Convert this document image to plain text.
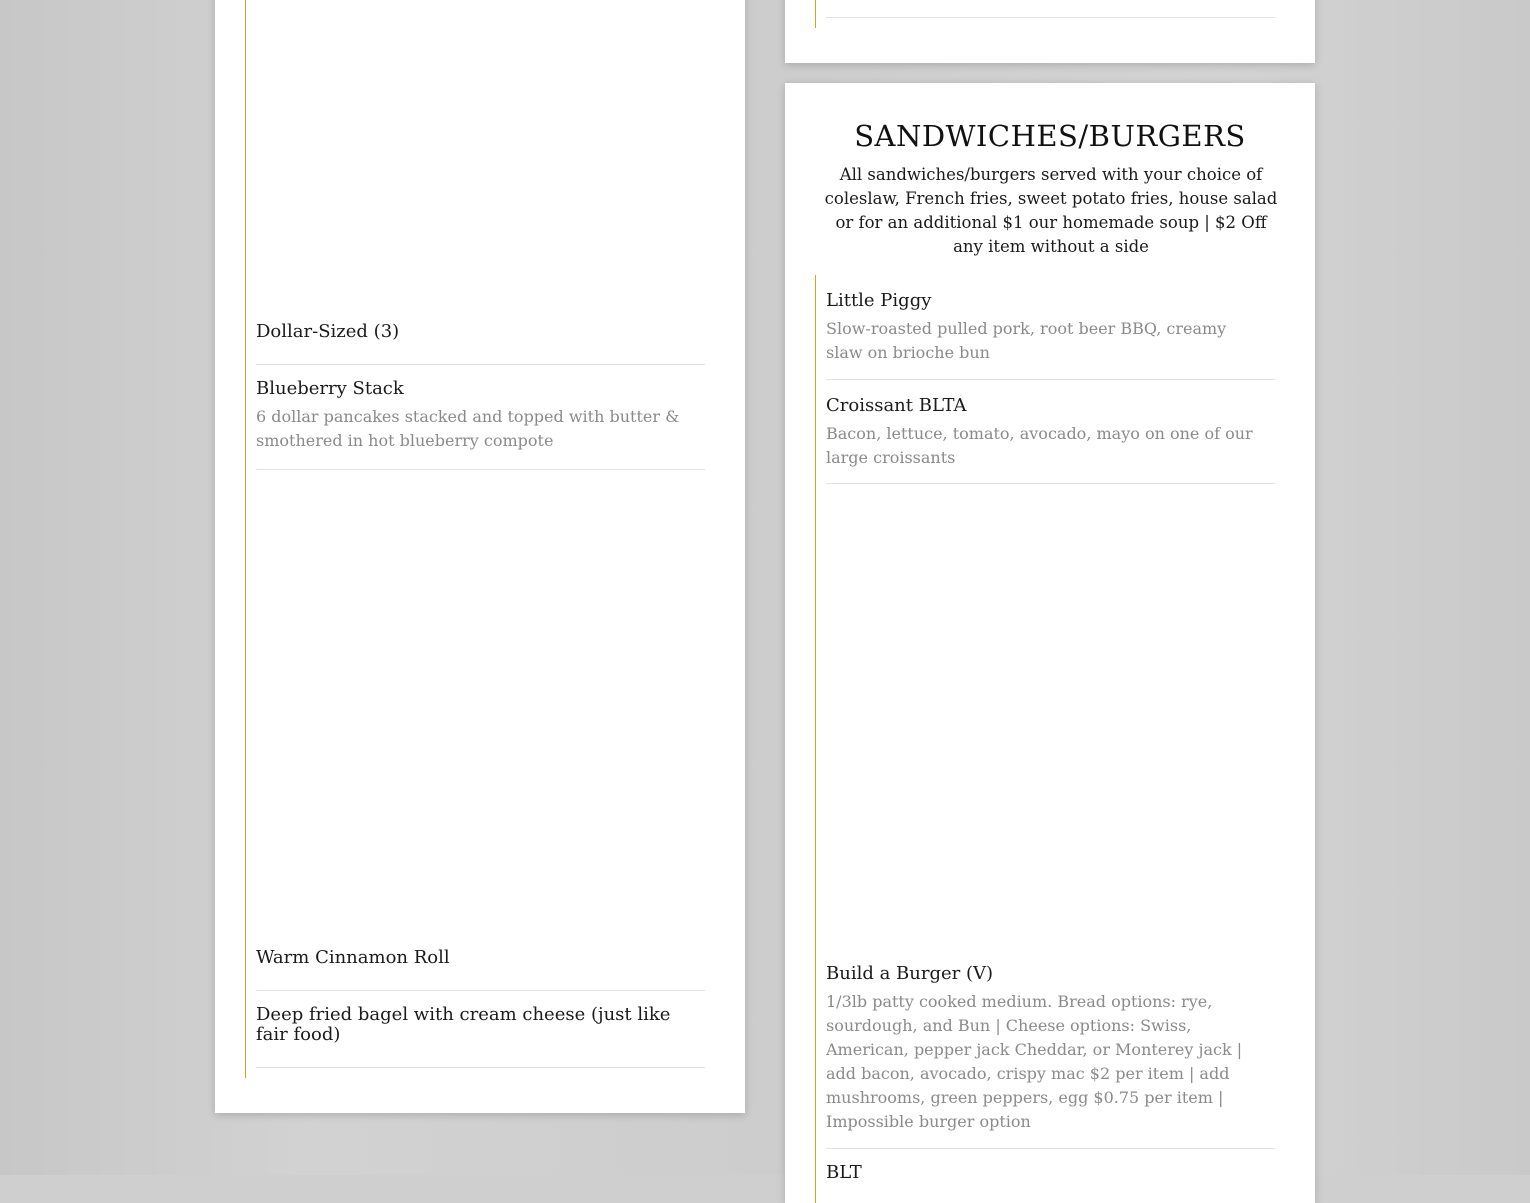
Dollar-Sized (3)
Blueberry Stack

6 dollar pancakes stacked and topped with butter & smothered in hot blueberry compote

Warm Cinnamon Roll
Deep fried bagel with cream cheese (just like fair food)
SANDWICHES/BURGERS

All sandwiches/burgers served with your choice of coleslaw, French fries, sweet potato fries, house salad or for an additional $1 our homemade soup | $2 Off any item without a side

Little Piggy

Slow-roasted pulled pork, root beer BBQ, creamy slaw on brioche bun

Croissant BLTA

Bacon, lettuce, tomato, avocado, mayo on one of our large croissants

Build a Burger (V)

1/3lb patty cooked medium. Bread options: rye, sourdough, and Bun | Cheese options: Swiss, American, pepper jack Cheddar, or Monterey jack | add bacon, avocado, crispy mac $2 per item | add mushrooms, green peppers, egg $0.75 per item | Impossible burger option

BLT
